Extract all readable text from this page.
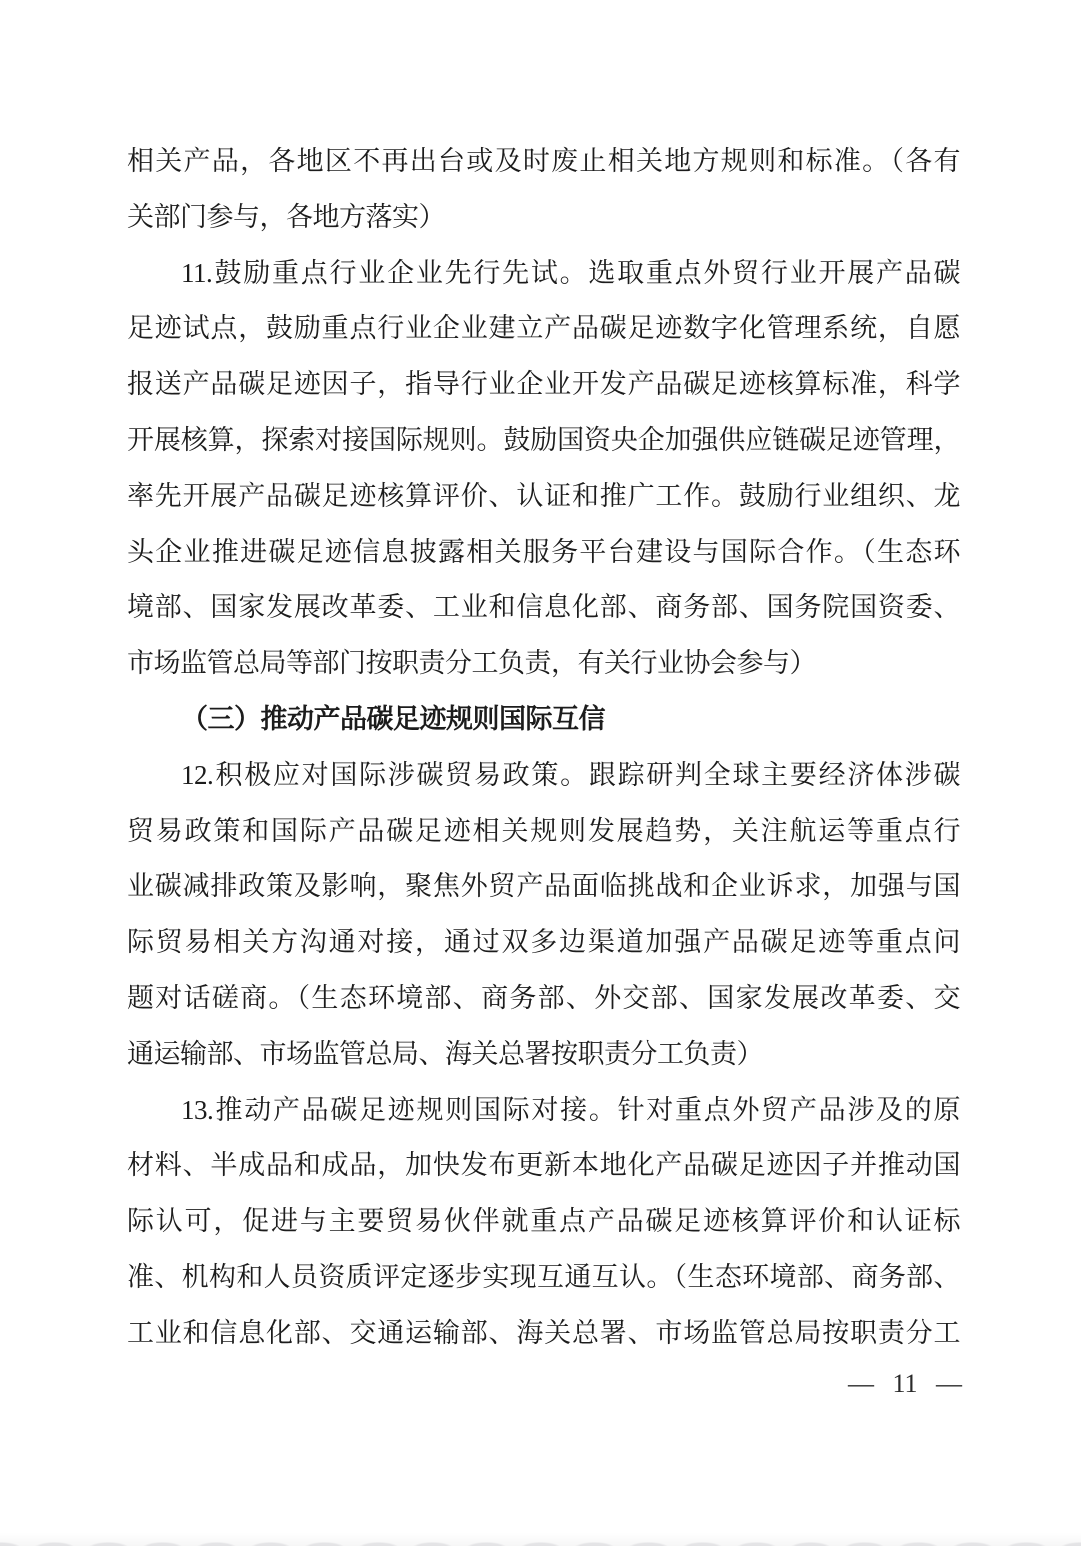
相关产品，各地区不再出台或及时废止相关地方规则和标准。（各有

关部门参与，各地方落实）

11.鼓励重点行业企业先行先试。选取重点外贸行业开展产品碳

足迹试点，鼓励重点行业企业建立产品碳足迹数字化管理系统，自愿

报送产品碳足迹因子，指导行业企业开发产品碳足迹核算标准，科学

开展核算，探索对接国际规则。鼓励国资央企加强供应链碳足迹管理，

率先开展产品碳足迹核算评价、认证和推广工作。鼓励行业组织、龙

头企业推进碳足迹信息披露相关服务平台建设与国际合作。（生态环

境部、国家发展改革委、工业和信息化部、商务部、国务院国资委、

市场监管总局等部门按职责分工负责，有关行业协会参与）

（三）推动产品碳足迹规则国际互信

12.积极应对国际涉碳贸易政策。跟踪研判全球主要经济体涉碳

贸易政策和国际产品碳足迹相关规则发展趋势，关注航运等重点行

业碳减排政策及影响，聚焦外贸产品面临挑战和企业诉求，加强与国

际贸易相关方沟通对接，通过双多边渠道加强产品碳足迹等重点问

题对话磋商。（生态环境部、商务部、外交部、国家发展改革委、交

通运输部、市场监管总局、海关总署按职责分工负责）

13.推动产品碳足迹规则国际对接。针对重点外贸产品涉及的原

材料、半成品和成品，加快发布更新本地化产品碳足迹因子并推动国

际认可，促进与主要贸易伙伴就重点产品碳足迹核算评价和认证标

准、机构和人员资质评定逐步实现互通互认。（生态环境部、商务部、

工业和信息化部、交通运输部、海关总署、市场监管总局按职责分工

— 11 —
